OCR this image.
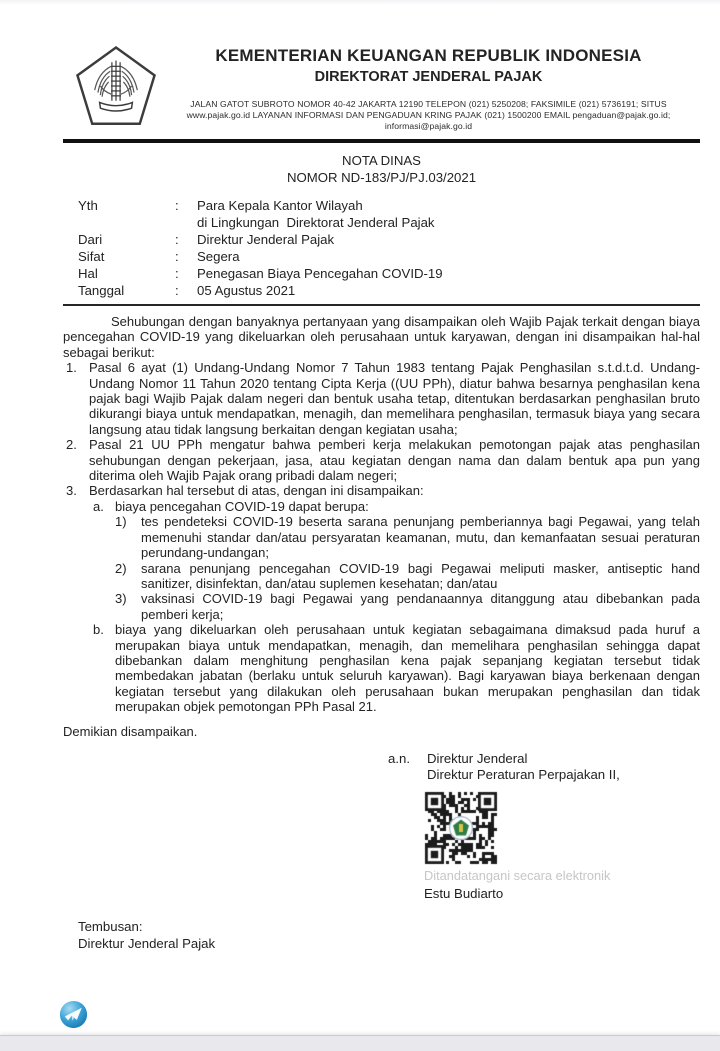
KEMENTERIAN KEUANGAN REPUBLIK INDONESIA
DIREKTORAT JENDERAL PAJAK
JALAN GATOT SUBROTO NOMOR 40-42 JAKARTA 12190 TELEPON (021) 5250208; FAKSIMILE (021) 5736191; SITUS
www.pajak.go.id LAYANAN INFORMASI DAN PENGADUAN KRING PAJAK (021) 1500200 EMAIL pengaduan@pajak.go.id;
informasi@pajak.go.id
NOTA DINAS
NOMOR ND-183/PJ/PJ.03/2021
Yth	:	Para Kepala Kantor Wilayah
di Lingkungan  Direktorat Jenderal Pajak
Dari	:	Direktur Jenderal Pajak
Sifat	:	Segera
Hal	:	Penegasan Biaya Pencegahan COVID-19
Tanggal	:	05 Agustus 2021

Sehubungan dengan banyaknya pertanyaan yang disampaikan oleh Wajib Pajak terkait dengan biaya pencegahan COVID-19 yang dikeluarkan oleh perusahaan untuk karyawan, dengan ini disampaikan hal-hal sebagai berikut:

1. Pasal 6 ayat (1) Undang-Undang Nomor 7 Tahun 1983 tentang Pajak Penghasilan s.t.d.t.d. Undang-Undang Nomor 11 Tahun 2020 tentang Cipta Kerja ((UU PPh), diatur bahwa besarnya penghasilan kena pajak bagi Wajib Pajak dalam negeri dan bentuk usaha tetap, ditentukan berdasarkan penghasilan bruto dikurangi biaya untuk mendapatkan, menagih, dan memelihara penghasilan, termasuk biaya yang secara langsung atau tidak langsung berkaitan dengan kegiatan usaha;
2. Pasal 21 UU PPh mengatur bahwa pemberi kerja melakukan pemotongan pajak atas penghasilan sehubungan dengan pekerjaan, jasa, atau kegiatan dengan nama dan dalam bentuk apa pun yang diterima oleh Wajib Pajak orang pribadi dalam negeri;
3. Berdasarkan hal tersebut di atas, dengan ini disampaikan:
a. biaya pencegahan COVID-19 dapat berupa:
1)	tes pendeteksi COVID-19 beserta sarana penunjang pemberiannya bagi Pegawai, yang telah memenuhi standar dan/atau persyaratan keamanan, mutu, dan kemanfaatan sesuai peraturan perundang-undangan;
2)	sarana penunjang pencegahan COVID-19 bagi Pegawai meliputi masker, antiseptic hand sanitizer, disinfektan, dan/atau suplemen kesehatan; dan/atau
3)	vaksinasi COVID-19 bagi Pegawai yang pendanaannya ditanggung atau dibebankan pada pemberi kerja;
b. biaya yang dikeluarkan oleh perusahaan untuk kegiatan sebagaimana dimaksud pada huruf a merupakan biaya untuk mendapatkan, menagih, dan memelihara penghasilan sehingga dapat dibebankan dalam menghitung penghasilan kena pajak sepanjang kegiatan tersebut tidak membedakan jabatan (berlaku untuk seluruh karyawan). Bagi karyawan biaya berkenaan dengan kegiatan tersebut yang dilakukan oleh perusahaan bukan merupakan penghasilan dan tidak merupakan objek pemotongan PPh Pasal 21.

Demikian disampaikan.

a.n.	Direktur Jenderal
Direktur Peraturan Perpajakan II,
Ditandatangani secara elektronik
Estu Budiarto
Tembusan:
Direktur Jenderal Pajak
